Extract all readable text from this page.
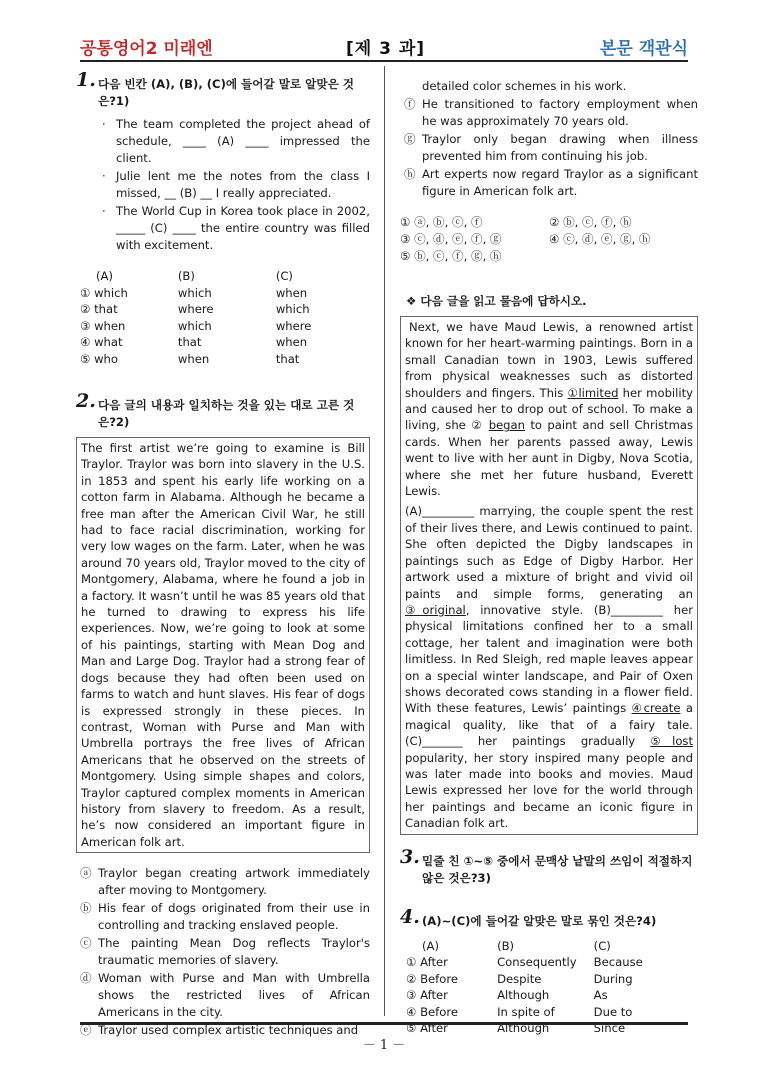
공통영어2 미래엔	[제 3 과]	본문 객관식
1. 다음 빈칸 (A), (B), (C)에 들어갈 말로 알맞은 것은?1)
· The team completed the project ahead of schedule, ____ (A) ____ impressed the client.
· Julie lent me the notes from the class I missed, __ (B) __ I really appreciated.
· The World Cup in Korea took place in 2002, _____ (C) ____ the entire country was filled with excitement.
(A)	(B)	(C)
① which	which	when
② that	where	which
③ when	which	where
④ what	that	when
⑤ who	when	that
2. 다음 글의 내용과 일치하는 것을 있는 대로 고른 것은?2)
The first artist we’re going to examine is Bill Traylor. Traylor was born into slavery in the U.S. in 1853 and spent his early life working on a cotton farm in Alabama. Although he became a free man after the American Civil War, he still had to face racial discrimination, working for very low wages on the farm. Later, when he was around 70 years old, Traylor moved to the city of Montgomery, Alabama, where he found a job in a factory. It wasn’t until he was 85 years old that he turned to drawing to express his life experiences. Now, we’re going to look at some of his paintings, starting with Mean Dog and Man and Large Dog. Traylor had a strong fear of dogs because they had often been used on farms to watch and hunt slaves. His fear of dogs is expressed strongly in these pieces. In contrast, Woman with Purse and Man with Umbrella portrays the free lives of African Americans that he observed on the streets of Montgomery. Using simple shapes and colors, Traylor captured complex moments in American history from slavery to freedom. As a result, he’s now considered an important figure in American folk art.
ⓐ Traylor began creating artwork immediately after moving to Montgomery.
ⓑ His fear of dogs originated from their use in controlling and tracking enslaved people.
ⓒ The painting Mean Dog reflects Traylor's traumatic memories of slavery.
ⓓ Woman with Purse and Man with Umbrella shows the restricted lives of African Americans in the city.
ⓔ Traylor used complex artistic techniques and
detailed color schemes in his work.
ⓕ He transitioned to factory employment when he was approximately 70 years old.
ⓖ Traylor only began drawing when illness prevented him from continuing his job.
ⓗ Art experts now regard Traylor as a significant figure in American folk art.
① ⓐ, ⓑ, ⓒ, ⓕ	② ⓑ, ⓒ, ⓕ, ⓗ
③ ⓒ, ⓓ, ⓔ, ⓕ, ⓖ	④ ⓒ, ⓓ, ⓔ, ⓖ, ⓗ
⑤ ⓑ, ⓒ, ⓕ, ⓖ, ⓗ
❖ 다음 글을 읽고 물음에 답하시오.
Next, we have Maud Lewis, a renowned artist known for her heart-warming paintings. Born in a small Canadian town in 1903, Lewis suffered from physical weaknesses such as distorted shoulders and fingers. This ①limited her mobility and caused her to drop out of school. To make a living, she ② began to paint and sell Christmas cards. When her parents passed away, Lewis went to live with her aunt in Digby, Nova Scotia, where she met her future husband, Everett Lewis.
(A)_________ marrying, the couple spent the rest of their lives there, and Lewis continued to paint. She often depicted the Digby landscapes in paintings such as Edge of Digby Harbor. Her artwork used a mixture of bright and vivid oil paints and simple forms, generating an ③original, innovative style. (B)_________ her physical limitations confined her to a small cottage, her talent and imagination were both limitless. In Red Sleigh, red maple leaves appear on a special winter landscape, and Pair of Oxen shows decorated cows standing in a flower field. With these features, Lewis’ paintings ④create a magical quality, like that of a fairy tale. (C)_______ her paintings gradually ⑤lost popularity, her story inspired many people and was later made into books and movies. Maud Lewis expressed her love for the world through her paintings and became an iconic figure in Canadian folk art.
3. 밑줄 친 ①~⑤ 중에서 문맥상 낱말의 쓰임이 적절하지 않은 것은?3)
4. (A)~(C)에 들어갈 알맞은 말로 묶인 것은?4)
(A)	(B)	(C)
① After	Consequently	Because
② Before	Despite	During
③ After	Although	As
④ Before	In spite of	Due to
⑤ After	Although	Since
－ 1 －
